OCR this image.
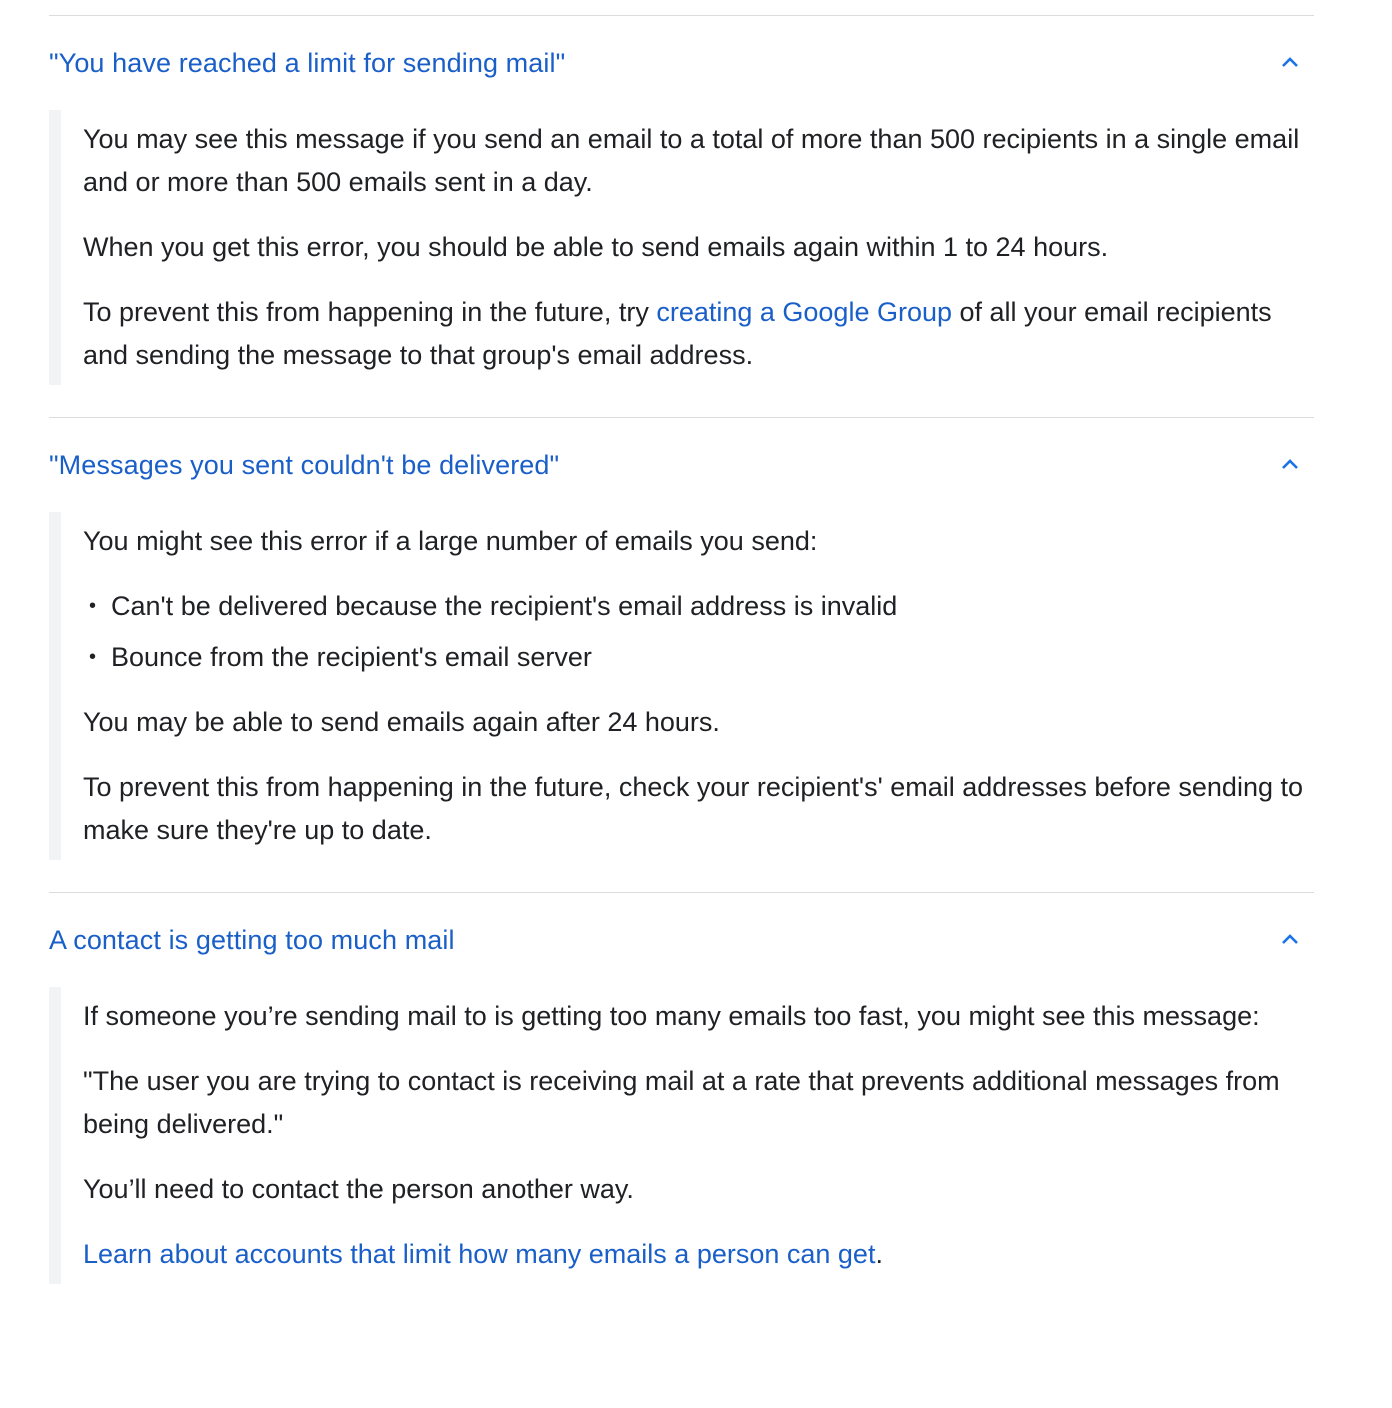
"You have reached a limit for sending mail"

You may see this message if you send an email to a total of more than 500 recipients in a single email and or more than 500 emails sent in a day.

When you get this error, you should be able to send emails again within 1 to 24 hours.

To prevent this from happening in the future, try creating a Google Group of all your email recipients and sending the message to that group's email address.

"Messages you sent couldn't be delivered"

You might see this error if a large number of emails you send:

• Can't be delivered because the recipient's email address is invalid
• Bounce from the recipient's email server

You may be able to send emails again after 24 hours.

To prevent this from happening in the future, check your recipient's' email addresses before sending to make sure they're up to date.

A contact is getting too much mail

If someone you’re sending mail to is getting too many emails too fast, you might see this message:

"The user you are trying to contact is receiving mail at a rate that prevents additional messages from being delivered."

You’ll need to contact the person another way.

Learn about accounts that limit how many emails a person can get.
